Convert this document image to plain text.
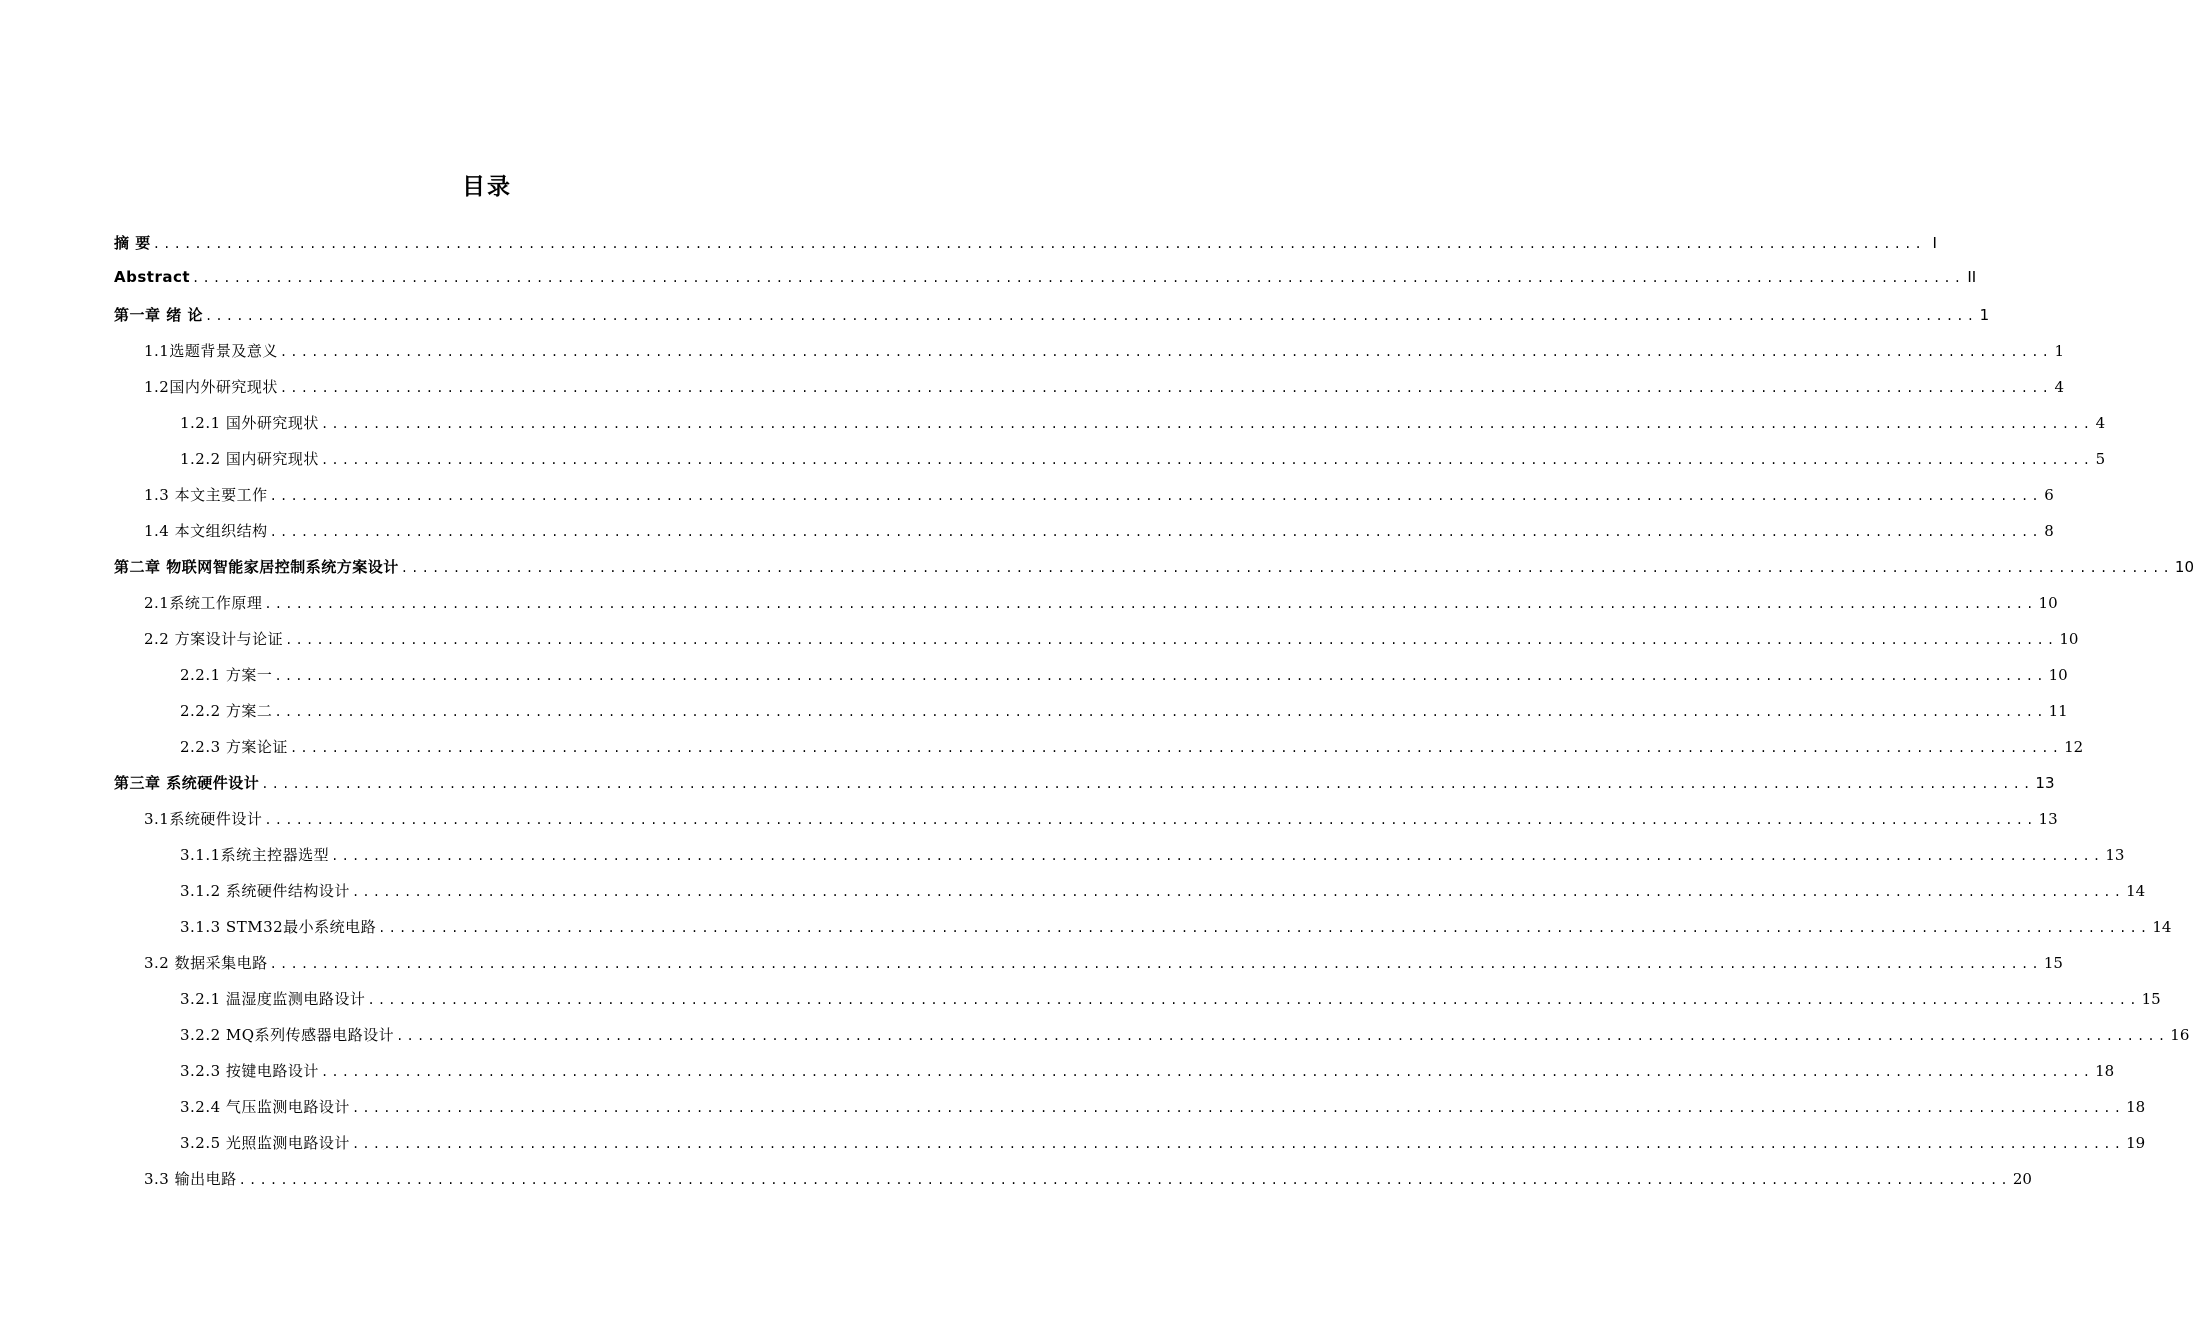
目录
摘 要 .......................................................................................................................................................................... I
Abstract .......................................................................................................................................................................... II
第一章 绪 论 .......................................................................................................................................................................... 1
1.1选题背景及意义 .......................................................................................................................................................................... 1
1.2国内外研究现状 .......................................................................................................................................................................... 4
1.2.1 国外研究现状 .......................................................................................................................................................................... 4
1.2.2 国内研究现状 .......................................................................................................................................................................... 5
1.3 本文主要工作 .......................................................................................................................................................................... 6
1.4 本文组织结构 .......................................................................................................................................................................... 8
第二章 物联网智能家居控制系统方案设计 .......................................................................................................................................................................... 10
2.1系统工作原理 .......................................................................................................................................................................... 10
2.2 方案设计与论证 .......................................................................................................................................................................... 10
2.2.1 方案一 .......................................................................................................................................................................... 10
2.2.2 方案二 .......................................................................................................................................................................... 11
2.2.3 方案论证 .......................................................................................................................................................................... 12
第三章 系统硬件设计 .......................................................................................................................................................................... 13
3.1系统硬件设计 .......................................................................................................................................................................... 13
3.1.1系统主控器选型 .......................................................................................................................................................................... 13
3.1.2 系统硬件结构设计 .......................................................................................................................................................................... 14
3.1.3 STM32最小系统电路 .......................................................................................................................................................................... 14
3.2 数据采集电路 .......................................................................................................................................................................... 15
3.2.1 温湿度监测电路设计 .......................................................................................................................................................................... 15
3.2.2 MQ系列传感器电路设计 .......................................................................................................................................................................... 16
3.2.3 按键电路设计 .......................................................................................................................................................................... 18
3.2.4 气压监测电路设计 .......................................................................................................................................................................... 18
3.2.5 光照监测电路设计 .......................................................................................................................................................................... 19
3.3 输出电路 .......................................................................................................................................................................... 20
